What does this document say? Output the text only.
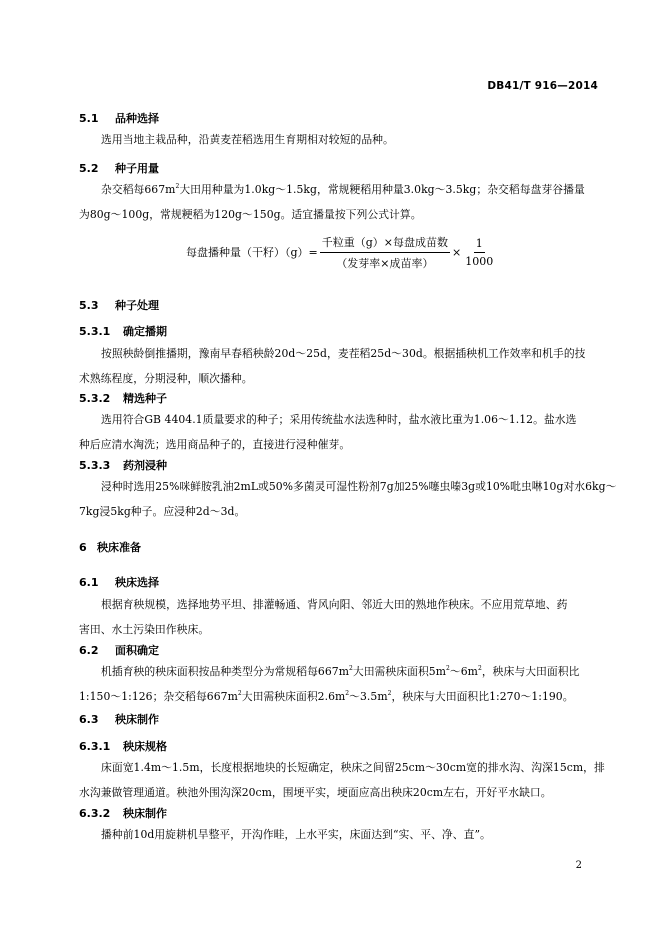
DB41/T 916—2014
5.1 品种选择
选用当地主栽品种，沿黄麦茬稻选用生育期相对较短的品种。
5.2 种子用量
杂交稻每$667m^2$大田用种量为1.0kg～1.5kg，常规粳稻用种量3.0kg～3.5kg；杂交稻每盘芽谷播量
为80g～100g，常规粳稻为120g～150g。适宜播量按下列公式计算。
每盘播种量（干籽）$(g)= \frac{\text{千粒重（g）×每盘成苗数}}{\text{（发芽率×成苗率）}} \times \frac{1}{1000}$
5.3 种子处理
5.3.1 确定播期
按照秧龄倒推播期，豫南早春稻秧龄20d～25d，麦茬稻25d～30d。根据插秧机工作效率和机手的技
术熟练程度，分期浸种，顺次播种。
5.3.2 精选种子
选用符合GB 4404.1质量要求的种子；采用传统盐水法选种时，盐水液比重为1.06～1.12。盐水选
种后应清水淘洗；选用商品种子的，直接进行浸种催芽。
5.3.3 药剂浸种
浸种时选用25%咪鲜胺乳油2mL或50%多菌灵可湿性粉剂7g加25%噻虫嗪3g或10%吡虫啉10g对水6kg～
7kg浸5kg种子。应浸种2d～3d。
6 秧床准备
6.1 秧床选择
根据育秧规模，选择地势平坦、排灌畅通、背风向阳、邻近大田的熟地作秧床。不应用荒草地、药
害田、水土污染田作秧床。
6.2 面积确定
机插育秧的秧床面积按品种类型分为常规稻每$667m^2$大田需秧床面积$5m^2\sim 6m^2$，秧床与大田面积比
1:150～1:126；杂交稻每$667m^2$大田需秧床面积$2.6m^2\sim 3.5m^2$，秧床与大田面积比1:270～1:190。
6.3 秧床制作
6.3.1 秧床规格
床面宽1.4m～1.5m，长度根据地块的长短确定，秧床之间留25cm～30cm宽的排水沟、沟深15cm，排
水沟兼做管理通道。秧池外围沟深20cm，围埂平实，埂面应高出秧床20cm左右，开好平水缺口。
6.3.2 秧床制作
播种前10d用旋耕机旱整平，开沟作畦，上水平实，床面达到“实、平、净、直”。
2
